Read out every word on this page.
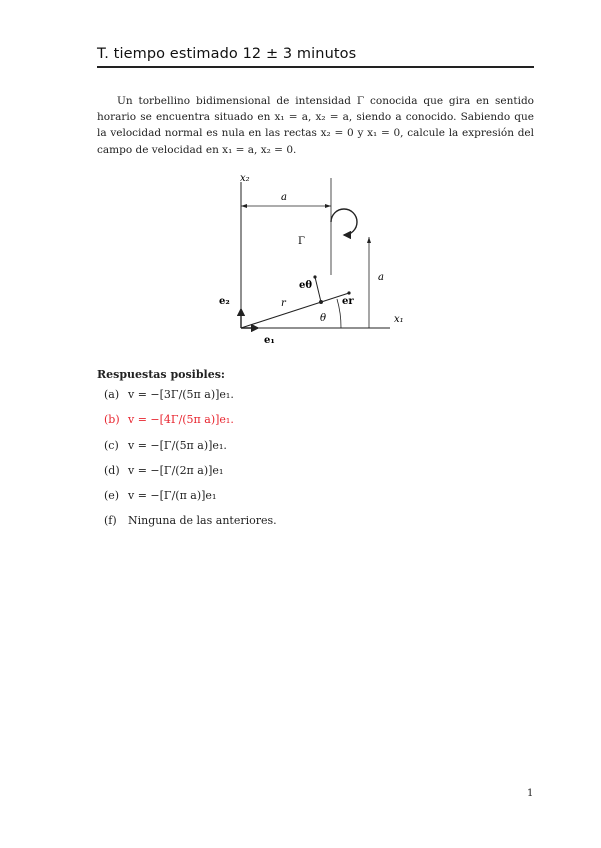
T. tiempo estimado 12 ± 3 minutos

Un torbellino bidimensional de intensidad Γ conocida que gira en sentido horario se encuentra situado en x₁ = a, x₂ = a, siendo a conocido. Sabiendo que la velocidad normal es nula en las rectas x₂ = 0 y x₁ = 0, calcule la expresión del campo de velocidad en x₁ = a, x₂ = 0.

x₂
x₁
a
Γ
a
eθ
er
r
θ
e₁
e₂
Respuestas posibles:
(a) v = −[3Γ/(5π a)]e₁.
(b) v = −[4Γ/(5π a)]e₁.
(c) v = −[Γ/(5π a)]e₁.
(d) v = −[Γ/(2π a)]e₁
(e) v = −[Γ/(π a)]e₁
(f) Ninguna de las anteriores.
1
